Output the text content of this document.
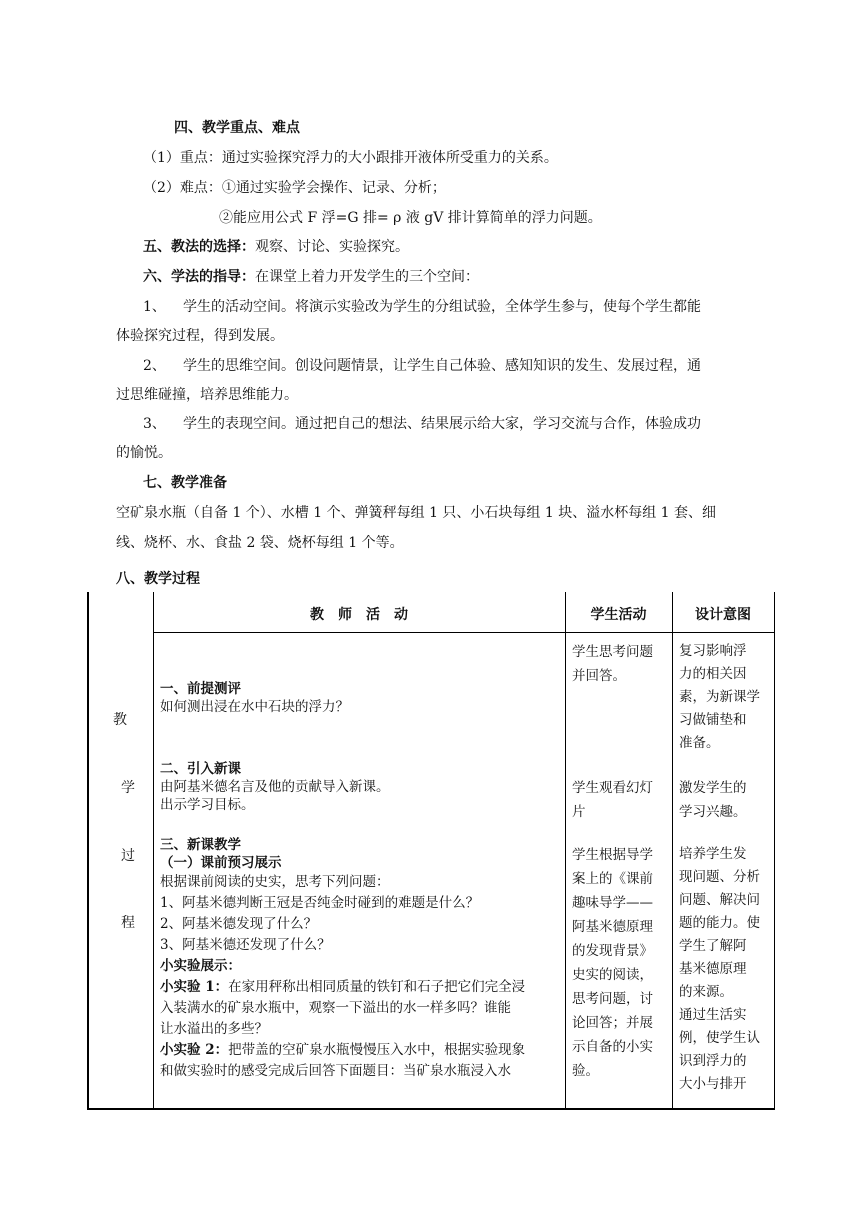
四、教学重点、难点
（1）重点：通过实验探究浮力的大小跟排开液体所受重力的关系。
（2）难点：①通过实验学会操作、记录、分析；
②能应用公式 F 浮=G 排= ρ 液 gV 排计算简单的浮力问题。
五、教法的选择：观察、讨论、实验探究。
六、学法的指导：在课堂上着力开发学生的三个空间：
1、 学生的活动空间。将演示实验改为学生的分组试验，全体学生参与，使每个学生都能
体验探究过程，得到发展。
2、 学生的思维空间。创设问题情景，让学生自己体验、感知知识的发生、发展过程，通
过思维碰撞，培养思维能力。
3、 学生的表现空间。通过把自己的想法、结果展示给大家，学习交流与合作，体验成功
的愉悦。
七、教学准备
空矿泉水瓶（自备 1 个）、水槽 1 个、弹簧秤每组 1 只、小石块每组 1 块、溢水杯每组 1 套、细
线、烧杯、水、食盐 2 袋、烧杯每组 1 个等。
八、教学过程
教　师　活　动	学生活动	设计意图
教
学
过
程
一、前提测评
如何测出浸在水中石块的浮力？
二、引入新课
由阿基米德名言及他的贡献导入新课。
出示学习目标。
三、新课教学
（一）课前预习展示
根据课前阅读的史实，思考下列问题：
1、阿基米德判断王冠是否纯金时碰到的难题是什么？
2、阿基米德发现了什么？
3、阿基米德还发现了什么？
小实验展示：
小实验 1：在家用秤称出相同质量的铁钉和石子把它们完全浸
入装满水的矿泉水瓶中，观察一下溢出的水一样多吗？谁能
让水溢出的多些？
小实验 2：把带盖的空矿泉水瓶慢慢压入水中，根据实验现象
和做实验时的感受完成后回答下面题目：当矿泉水瓶浸入水
学生思考问题
并回答。
学生观看幻灯
片
学生根据导学
案上的《课前
趣味导学——
阿基米德原理
的发现背景》
史实的阅读，
思考问题，讨
论回答；并展
示自备的小实
验。
复习影响浮
力的相关因
素，为新课学
习做铺垫和
准备。
激发学生的
学习兴趣。
培养学生发
现问题、分析
问题、解决问
题的能力。使
学生了解阿
基米德原理
的来源。
通过生活实
例，使学生认
识到浮力的
大小与排开
